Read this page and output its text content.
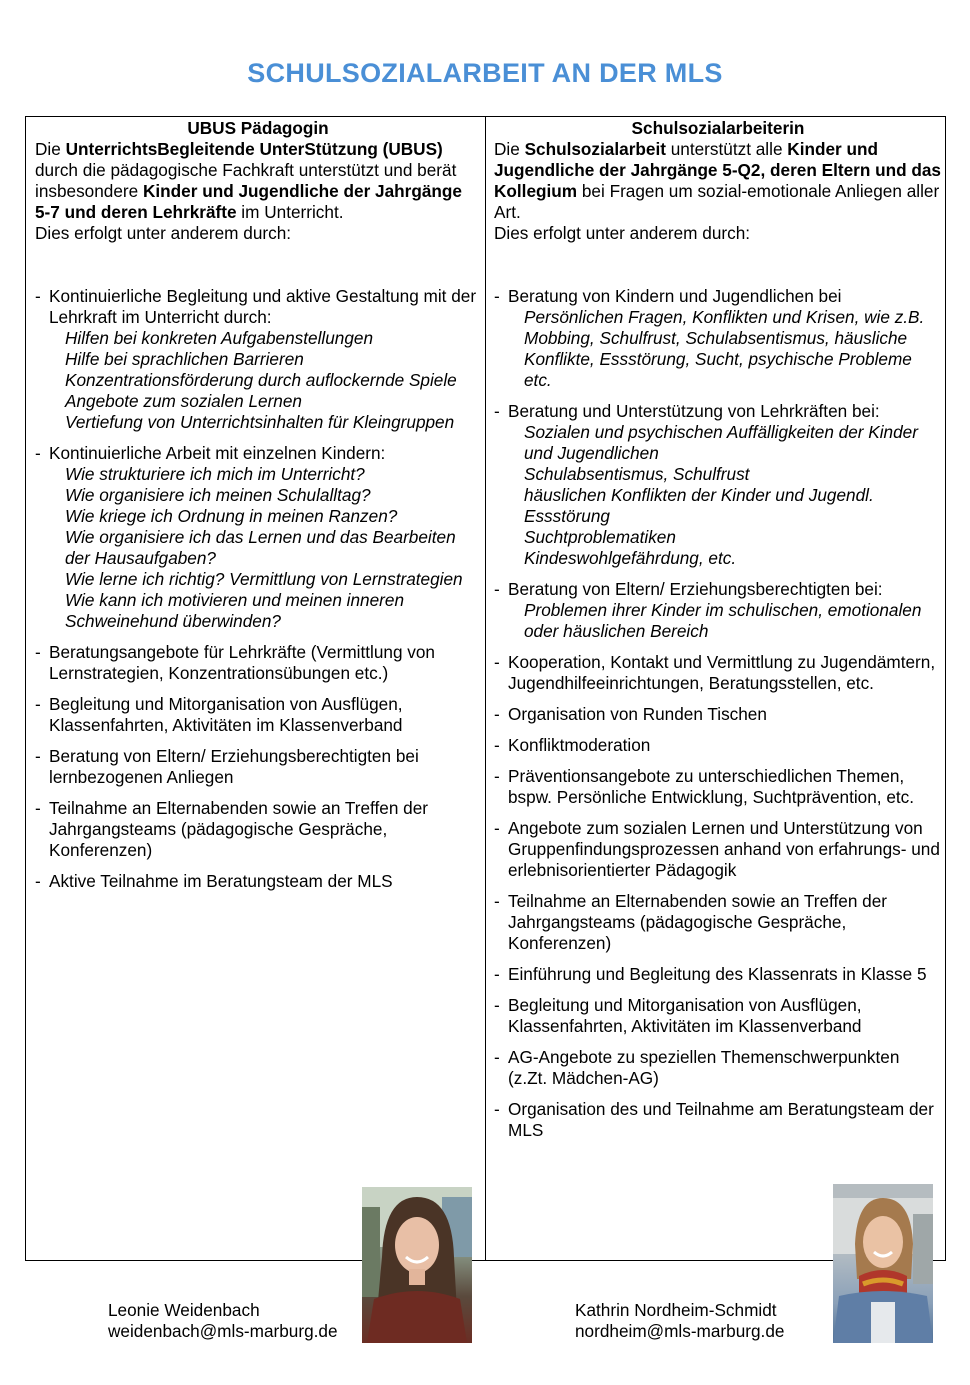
SCHULSOZIALARBEIT AN DER MLS
UBUS Pädagogin

Die UnterrichtsBegleitende UnterStützung (UBUS) durch die pädagogische Fachkraft unterstützt und berät insbesondere Kinder und Jugendliche der Jahrgänge 5-7 und deren Lehrkräfte im Unterricht.
Dies erfolgt unter anderem durch:

- Kontinuierliche Begleitung und aktive Gestaltung mit der Lehrkraft im Unterricht durch:
Hilfen bei konkreten Aufgabenstellungen
Hilfe bei sprachlichen Barrieren
Konzentrationsförderung durch auflockernde Spiele
Angebote zum sozialen Lernen
Vertiefung von Unterrichtsinhalten für Kleingruppen
- Kontinuierliche Arbeit mit einzelnen Kindern:
Wie strukturiere ich mich im Unterricht?
Wie organisiere ich meinen Schulalltag?
Wie kriege ich Ordnung in meinen Ranzen?
Wie organisiere ich das Lernen und das Bearbeiten der Hausaufgaben?
Wie lerne ich richtig? Vermittlung von Lernstrategien
Wie kann ich motivieren und meinen inneren Schweinehund überwinden?
- Beratungsangebote für Lehrkräfte (Vermittlung von Lernstrategien, Konzentrationsübungen etc.)
- Begleitung und Mitorganisation von Ausflügen, Klassenfahrten, Aktivitäten im Klassenverband
- Beratung von Eltern/ Erziehungsberechtigten bei lernbezogenen Anliegen
- Teilnahme an Elternabenden sowie an Treffen der Jahrgangsteams (pädagogische Gespräche, Konferenzen)
- Aktive Teilnahme im Beratungsteam der MLS
Schulsozialarbeiterin

Die Schulsozialarbeit unterstützt alle Kinder und Jugendliche der Jahrgänge 5-Q2, deren Eltern und das Kollegium bei Fragen um sozial-emotionale Anliegen aller Art.
Dies erfolgt unter anderem durch:

- Beratung von Kindern und Jugendlichen bei
Persönlichen Fragen, Konflikten und Krisen, wie z.B. Mobbing, Schulfrust, Schulabsentismus, häusliche Konflikte, Essstörung, Sucht, psychische Probleme etc.
- Beratung und Unterstützung von Lehrkräften bei:
Sozialen und psychischen Auffälligkeiten der Kinder und Jugendlichen
Schulabsentismus, Schulfrust
häuslichen Konflikten der Kinder und Jugendl.
Essstörung
Suchtproblematiken
Kindeswohlgefährdung, etc.
- Beratung von Eltern/ Erziehungsberechtigten bei:
Problemen ihrer Kinder im schulischen, emotionalen oder häuslichen Bereich
- Kooperation, Kontakt und Vermittlung zu Jugendämtern, Jugendhilfeeinrichtungen, Beratungsstellen, etc.
- Organisation von Runden Tischen
- Konfliktmoderation
- Präventionsangebote zu unterschiedlichen Themen, bspw. Persönliche Entwicklung, Suchtprävention, etc.
- Angebote zum sozialen Lernen und Unterstützung von Gruppenfindungsprozessen anhand von erfahrungs- und erlebnisorientierter Pädagogik
- Teilnahme an Elternabenden sowie an Treffen der Jahrgangsteams (pädagogische Gespräche, Konferenzen)
- Einführung und Begleitung des Klassenrats in Klasse 5
- Begleitung und Mitorganisation von Ausflügen, Klassenfahrten, Aktivitäten im Klassenverband
- AG-Angebote zu speziellen Themenschwerpunkten (z.Zt. Mädchen-AG)
- Organisation des und Teilnahme am Beratungsteam der MLS
Leonie Weidenbach
weidenbach@mls-marburg.de
Kathrin Nordheim-Schmidt
nordheim@mls-marburg.de
